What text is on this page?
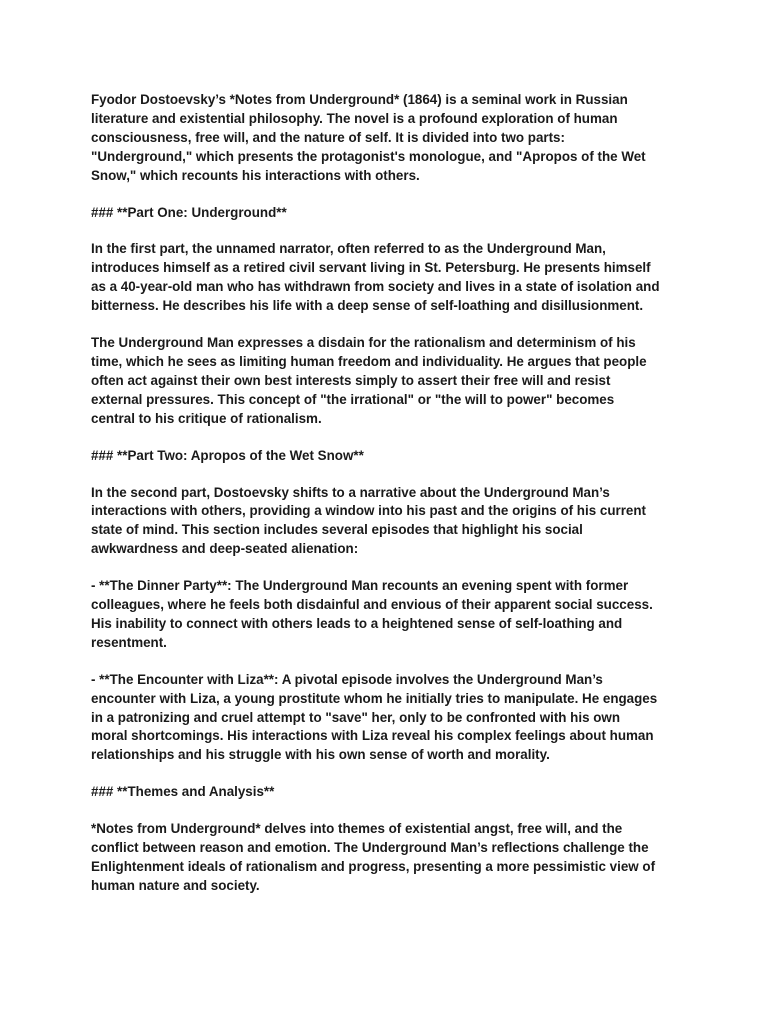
Fyodor Dostoevsky’s *Notes from Underground* (1864) is a seminal work in Russian
literature and existential philosophy. The novel is a profound exploration of human
consciousness, free will, and the nature of self. It is divided into two parts:
"Underground," which presents the protagonist's monologue, and "Apropos of the Wet
Snow," which recounts his interactions with others.

### **Part One: Underground**

In the first part, the unnamed narrator, often referred to as the Underground Man,
introduces himself as a retired civil servant living in St. Petersburg. He presents himself
as a 40-year-old man who has withdrawn from society and lives in a state of isolation and
bitterness. He describes his life with a deep sense of self-loathing and disillusionment.

The Underground Man expresses a disdain for the rationalism and determinism of his
time, which he sees as limiting human freedom and individuality. He argues that people
often act against their own best interests simply to assert their free will and resist
external pressures. This concept of "the irrational" or "the will to power" becomes
central to his critique of rationalism.

### **Part Two: Apropos of the Wet Snow**

In the second part, Dostoevsky shifts to a narrative about the Underground Man’s
interactions with others, providing a window into his past and the origins of his current
state of mind. This section includes several episodes that highlight his social
awkwardness and deep-seated alienation:

- **The Dinner Party**: The Underground Man recounts an evening spent with former
colleagues, where he feels both disdainful and envious of their apparent social success.
His inability to connect with others leads to a heightened sense of self-loathing and
resentment.

- **The Encounter with Liza**: A pivotal episode involves the Underground Man’s
encounter with Liza, a young prostitute whom he initially tries to manipulate. He engages
in a patronizing and cruel attempt to "save" her, only to be confronted with his own
moral shortcomings. His interactions with Liza reveal his complex feelings about human
relationships and his struggle with his own sense of worth and morality.

### **Themes and Analysis**

*Notes from Underground* delves into themes of existential angst, free will, and the
conflict between reason and emotion. The Underground Man’s reflections challenge the
Enlightenment ideals of rationalism and progress, presenting a more pessimistic view of
human nature and society.
